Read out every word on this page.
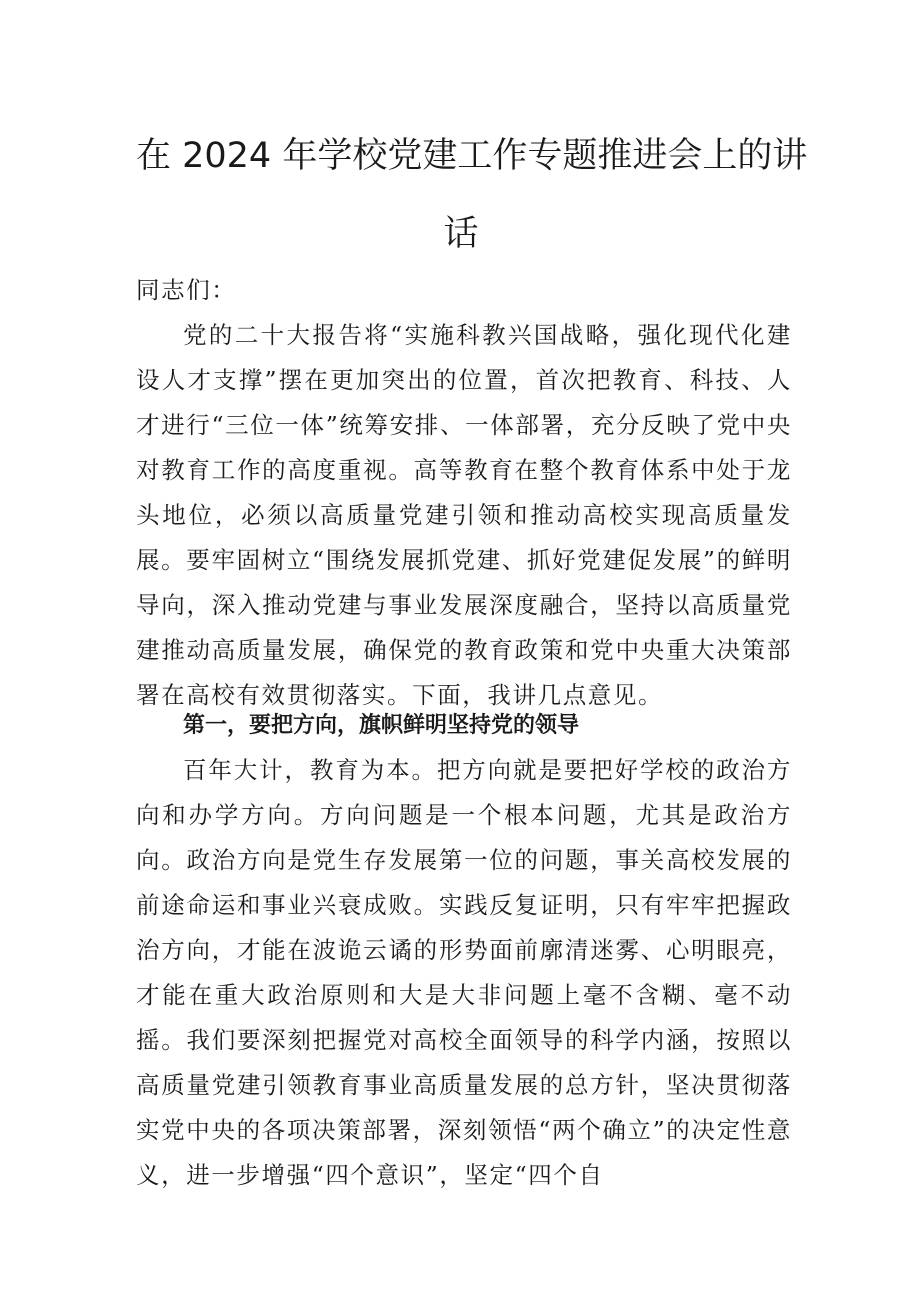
在 2024 年学校党建工作专题推进会上的讲
话

同志们：

党的二十大报告将“实施科教兴国战略，强化现代化建设人才支撑”摆在更加突出的位置，首次把教育、科技、人才进行“三位一体”统筹安排、一体部署，充分反映了党中央对教育工作的高度重视。高等教育在整个教育体系中处于龙头地位，必须以高质量党建引领和推动高校实现高质量发展。要牢固树立“围绕发展抓党建、抓好党建促发展”的鲜明导向，深入推动党建与事业发展深度融合，坚持以高质量党建推动高质量发展，确保党的教育政策和党中央重大决策部署在高校有效贯彻落实。下面，我讲几点意见。

第一，要把方向，旗帜鲜明坚持党的领导

百年大计，教育为本。把方向就是要把好学校的政治方向和办学方向。方向问题是一个根本问题，尤其是政治方向。政治方向是党生存发展第一位的问题，事关高校发展的前途命运和事业兴衰成败。实践反复证明，只有牢牢把握政治方向，才能在波诡云谲的形势面前廓清迷雾、心明眼亮，才能在重大政治原则和大是大非问题上毫不含糊、毫不动摇。我们要深刻把握党对高校全面领导的科学内涵，按照以高质量党建引领教育事业高质量发展的总方针，坚决贯彻落实党中央的各项决策部署，深刻领悟“两个确立”的决定性意义，进一步增强“四个意识”，坚定“四个自
